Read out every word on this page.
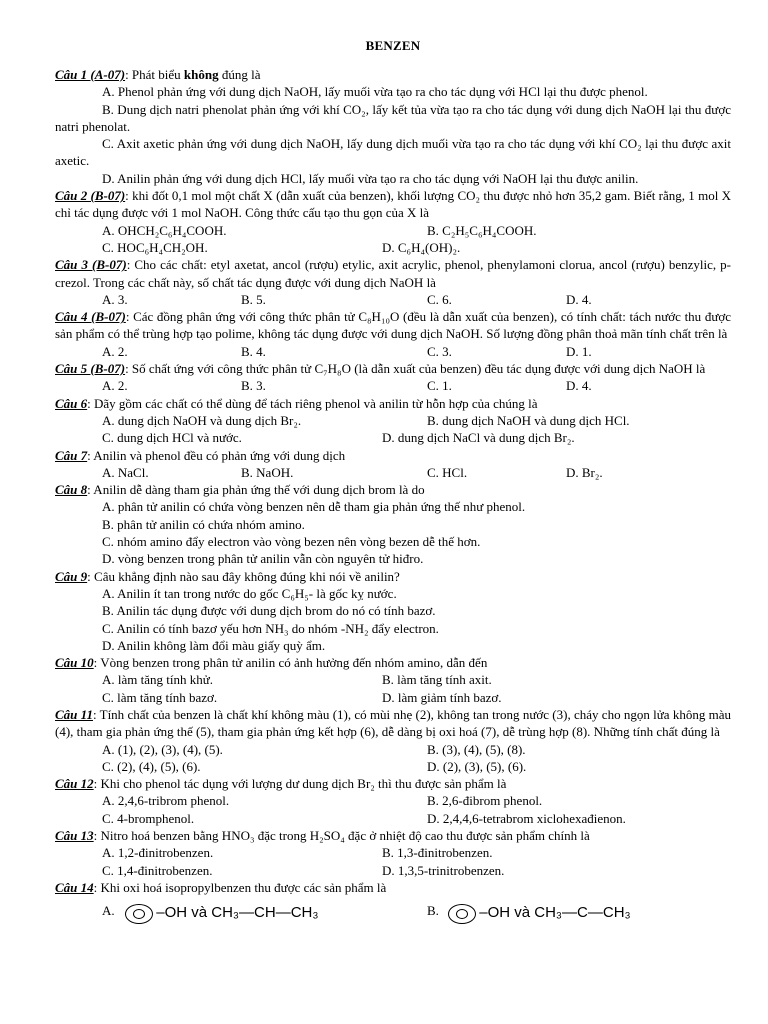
BENZEN
Câu 1 (A-07): Phát biểu không đúng là
A. Phenol phản ứng với dung dịch NaOH, lấy muối vừa tạo ra cho tác dụng với HCl lại thu được phenol.
B. Dung dịch natri phenolat phản ứng với khí CO₂, lấy kết tủa vừa tạo ra cho tác dụng với dung dịch NaOH lại thu được natri phenolat.
C. Axit axetic phản ứng với dung dịch NaOH, lấy dung dịch muối vừa tạo ra cho tác dụng với khí CO₂ lại thu được axit axetic.
D. Anilin phản ứng với dung dịch HCl, lấy muối vừa tạo ra cho tác dụng với NaOH lại thu được anilin.
Câu 2 (B-07): khi đốt 0,1 mol một chất X (dẫn xuất của benzen), khối lượng CO₂ thu được nhỏ hơn 35,2 gam. Biết rằng, 1 mol X chỉ tác dụng được với 1 mol NaOH. Công thức cấu tạo thu gọn của X là
A. OHCH₂C₆H₄COOH.	B. C₂H₅C₆H₄COOH.
C. HOC₆H₄CH₂OH.	D. C₆H₄(OH)₂.
Câu 3 (B-07): Cho các chất: etyl axetat, ancol (rượu) etylic, axit acrylic, phenol, phenylamoni clorua, ancol (rượu) benzylic, p-crezol. Trong các chất này, số chất tác dụng được với dung dịch NaOH là
A. 3.	B. 5.	C. 6.	D. 4.
Câu 4 (B-07): Các đồng phân ứng với công thức phân tử C₈H₁₀O (đều là dẫn xuất của benzen), có tính chất: tách nước thu được sản phẩm có thể trùng hợp tạo polime, không tác dụng được với dung dịch NaOH. Số lượng đồng phân thoả mãn tính chất trên là
A. 2.	B. 4.	C. 3.	D. 1.
Câu 5 (B-07): Số chất ứng với công thức phân tử C₇H₈O (là dẫn xuất của benzen) đều tác dụng được với dung dịch NaOH là
A. 2.	B. 3.	C. 1.	D. 4.
Câu 6: Dãy gồm các chất có thể dùng để tách riêng phenol và anilin từ hỗn hợp của chúng là
A. dung dịch NaOH và dung dịch Br₂.	B. dung dịch NaOH và dung dịch HCl.
C. dung dịch HCl và nước.	D. dung dịch NaCl và dung dịch Br₂.
Câu 7: Anilin và phenol đều có phản ứng với dung dịch
A. NaCl.	B. NaOH.	C. HCl.	D. Br₂.
Câu 8: Anilin dễ dàng tham gia phản ứng thế với dung dịch brom là do
A. phân tử anilin có chứa vòng benzen nên dễ tham gia phản ứng thế như phenol.
B. phân tử anilin có chứa nhóm amino.
C. nhóm amino đẩy electron vào vòng bezen nên vòng bezen dễ thế hơn.
D. vòng benzen trong phân tử anilin vẫn còn nguyên tử hiđro.
Câu 9: Câu khẳng định nào sau đây không đúng khi nói về anilin?
A. Anilin ít tan trong nước do gốc C₆H₅- là gốc kỵ nước.
B. Anilin tác dụng được với dung dịch brom do nó có tính bazơ.
C. Anilin có tính bazơ yếu hơn NH₃ do nhóm -NH₂ đẩy electron.
D. Anilin không làm đổi màu giấy quỳ ẩm.
Câu 10: Vòng benzen trong phân tử anilin có ảnh hưởng đến nhóm amino, dẫn đến
A. làm tăng tính khử.	B. làm tăng tính axit.
C. làm tăng tính bazơ.	D. làm giảm tính bazơ.
Câu 11: Tính chất của benzen là chất khí không màu (1), có mùi nhẹ (2), không tan trong nước (3), cháy cho ngọn lửa không màu (4), tham gia phản ứng thế (5), tham gia phản ứng kết hợp (6), dễ dàng bị oxi hoá (7), dễ trùng hợp (8). Những tính chất đúng là
A. (1), (2), (3), (4), (5).	B. (3), (4), (5), (8).
C. (2), (4), (5), (6).	D. (2), (3), (5), (6).
Câu 12: Khi cho phenol tác dụng với lượng dư dung dịch Br₂ thì thu được sản phẩm là
A. 2,4,6-tribrom phenol.	B. 2,6-đibrom phenol.
C. 4-bromphenol.	D. 2,4,4,6-tetrabrom xiclohexađienon.
Câu 13: Nitro hoá benzen bằng HNO₃ đặc trong H₂SO₄ đặc ở nhiệt độ cao thu được sản phẩm chính là
A. 1,2-đinitrobenzen.	B. 1,3-đinitrobenzen.
C. 1,4-đinitrobenzen.	D. 1,3,5-trinitrobenzen.
Câu 14: Khi oxi hoá isopropylbenzen thu được các sản phẩm là
A.	–OH và CH₃—CH—CH₃	B.	–OH và CH₃—C—CH₃
